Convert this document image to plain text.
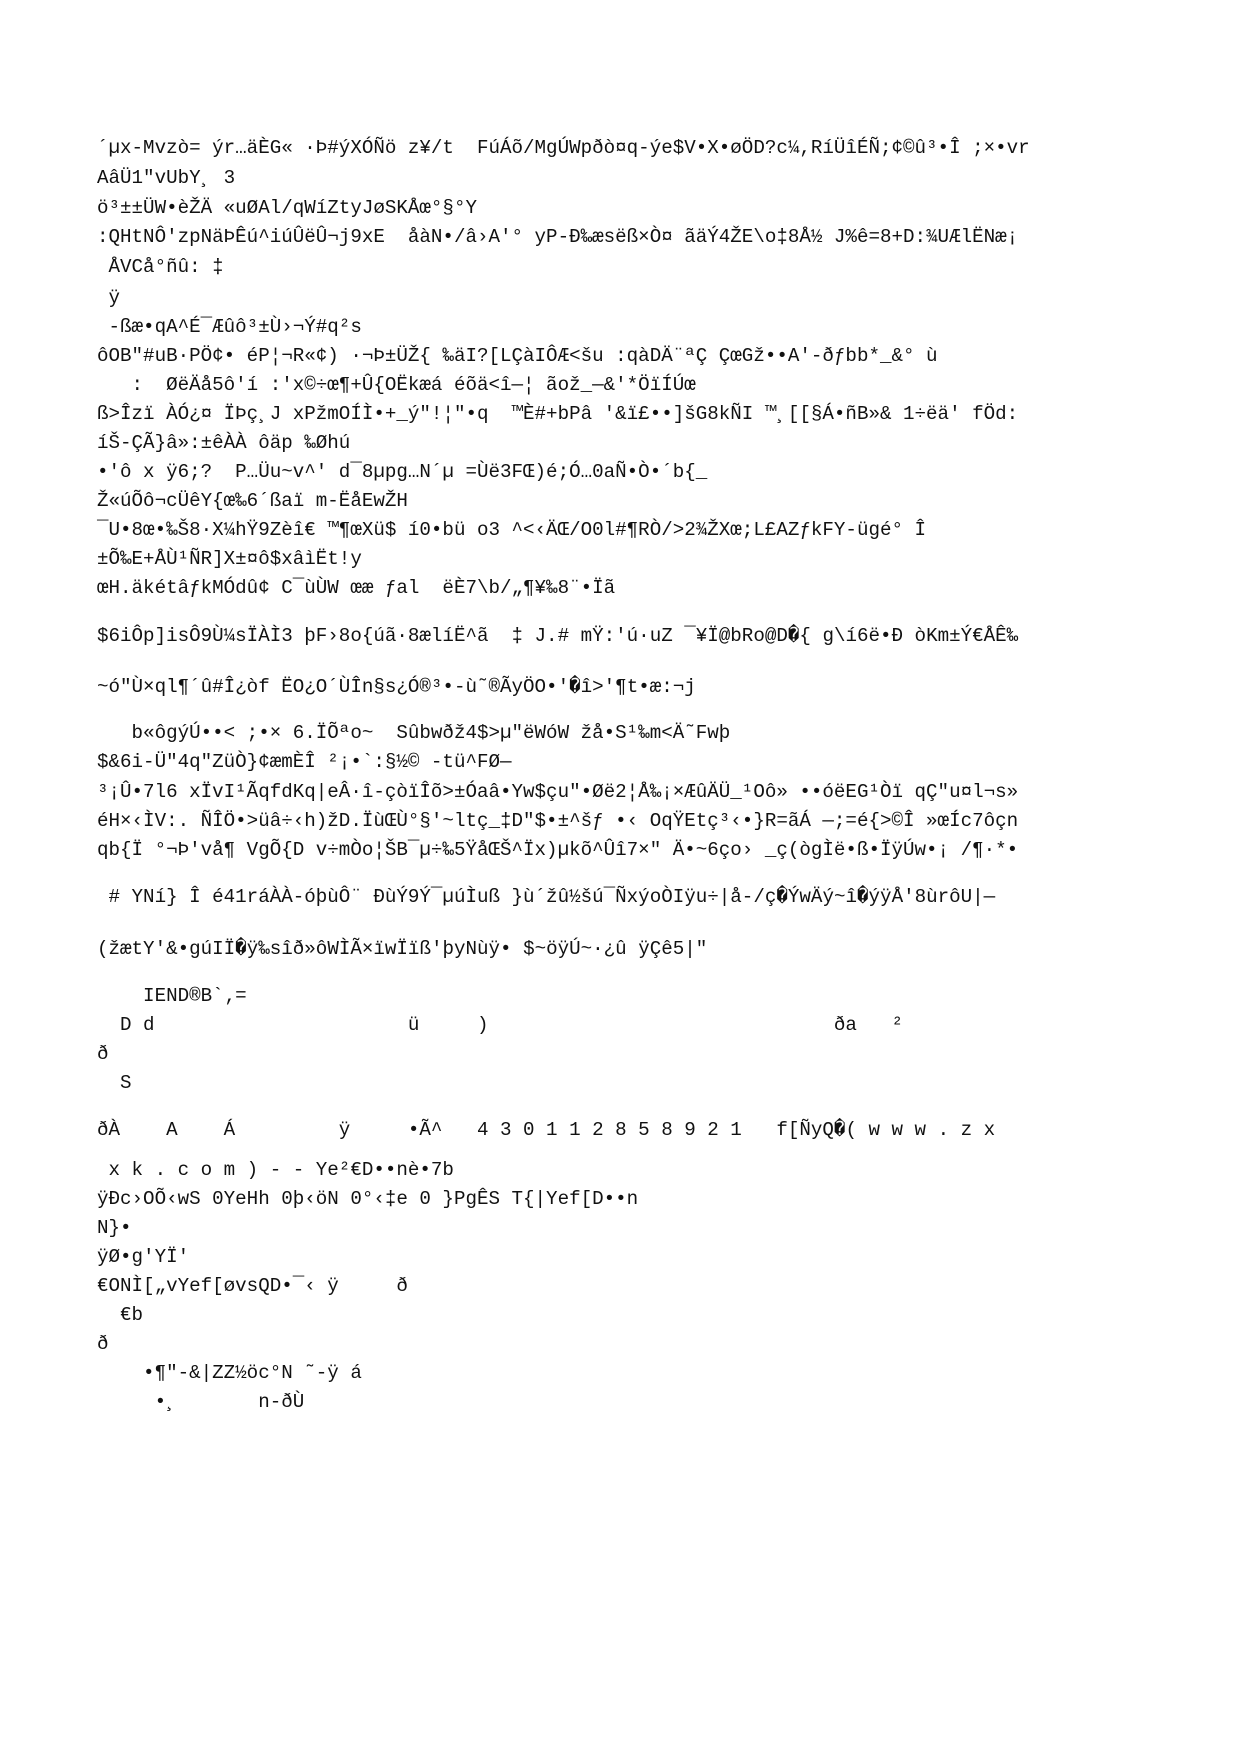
´µx-Mvzò= ýr…äÈG« ·Þ#ýXÓÑö z¥/t  FúÁõ/MgÚWpðò¤q-ýe$V•X•øÖD?c¼,RíÜîÉÑ;¢©û³•Î ;×•vr
AâÜ1"vUbY¸ 3
ö³±±ÜW•èŽÄ «uØAl/qWíZtyJøSKÅœ°§°Y
:QHtNÔ'zpNäÞÊú^iúÛëÛ¬j9xE  åàN•/â›A'° yP-Ð‰æsëß×Ò¤ ãäÝ4ŽE\o‡8Å½ J%ê=8+D:¾UÆlËNæ¡
ÅVCå°ñû: ‡
ÿ
-ßæ•qA^É¯Æûô³±Ù›¬Ý#q²s
ôOB"#uB·PÖ¢• éP¦¬R«¢) ·¬Þ±ÜŽ{ ‰äI?[LÇàIÔÆ<šu :qàDÄ¨ªÇ ÇœGž••A'-ðƒbb*_&° ù
:  ØëÄå5ô'í :'x©÷œ¶+Û{OËkæá éõä<î—¦ ãož_—&'*ÖïÍÚœ
ß>Îzï ÀÓ¿¤ ÏÞç¸J xPžmOÍÌ•+_ý"!¦"•q  ™È#+bPâ '&ï£••]šG8kÑI ™¸[[§Á•ñB»& 1÷ëä' fÖd:
íŠ-ÇÃ}â»:±êÀÀ ôäp ‰Øhú
•'ô x ÿ6;?  P…Üu~v^' d¯8µpg…N´µ =Ùë3FŒ)é;Ó…0aÑ•Ò•´b{_
Ž«úÕô¬cÜêY{œ‰6´ßaï m-ËåEwŽH
¯U•8œ•‰Š8·X¼hŸ9Zèî€ ™¶œXü$ í0•bü o3 ^<‹ÄŒ/O0l#¶RÒ/>2¾ŽXœ;L£AZƒkFY-ügé° Î
±Õ‰E+ÅÙ¹ÑR]X±¤ô$xâìËt!y
œH.äkétâƒkMÓdû¢ C¯ùÙW œæ ƒal  ëÈ7\b/„¶¥‰8¨•Ïã
$6iÔp]isÔ9Ù¼sÏÀÌ3 þF›8o{úã·8ælíË^ã  ‡ J.# mŸ:'ú·uZ ¯¥Ï@bRo@D�{ g\í6ë•Ð òKm±Ý€ÅÊ‰
~ó"Ù×ql¶´û#Î¿òf ËO¿O´ÙÎn§s¿Ó®³•-ù˜®ÃyÖO•'�î>'¶t•æ:¬j
b«ôgýÚ••< ;•× 6.ÏÕªo~  Sûbwðž4$>µ"ëWóW žå•S¹‰m<Ä˜Fwþ
$&6i-Ü"4q"ZüÒ}¢æmÈÎ ²¡•`:§½© -tü^FØ—
³¡Û•7l6 xÏvI¹ÃqfdKq|eÂ·î-çòïÎõ>±Óaâ•Yw$çu"•Øë2¦Å‰¡×ÆûÄÜ_¹Oô» ••óëEG¹Òï qÇ"u¤l¬s»
éH×‹ÌV:. ÑÎÖ•>üâ÷‹h)žD.ÏùŒÙ°§'~ltç_‡D"$•±^šƒ •‹ OqŸEtç³‹•}R=ãÁ —;=é{>©Î »œÍc7ôçn
qb{Ï °¬Þ'vå¶ VgÕ{D v÷mÒo¦ŠB¯µ÷‰5ŸåŒŠ^Ïx)µkõ^Ûî7×" Ä•~6ço› _ç(ògÌë•ß•ÏÿÚw•¡ /¶·*•
# YNí} Î é41ráÀÀ-óþùÔ¨ ÐùÝ9Ý¯µúÌuß }ù´žû½šú¯ÑxýoÒIÿu÷|å-/ç�ÝwÄý~î�ýÿÅ'8ùrôU|—
(žætY'&•gúIÏ�ÿ‰sîð»ôWÌÃ×ïwÏïß'þyNùÿ• $~öÿÚ~·¿û ÿÇê5|"
IEND®B`‚=
D d                      ü     )                              ða   ²
ð
S
ðÀ    A    Á         ÿ     •Ã^   4 3 0 1 1 2 8 5 8 9 2 1   f[ÑyQ�( w w w . z x
x k . c o m ) - - Ye²€D••nè•7b
ÿÐc›OÕ‹wS 0YeHh 0þ‹öN 0°‹‡e 0 }PgÊS T{|Yef[D••n
N}•
ÿØ•g'YÏ'
€ONÌ[„vYef[øvsQD•¯‹ ÿ     ð
€b
ð
•¶"-&|ZZ½öc°N ˜-ÿ á
•¸       n-ðÙ
